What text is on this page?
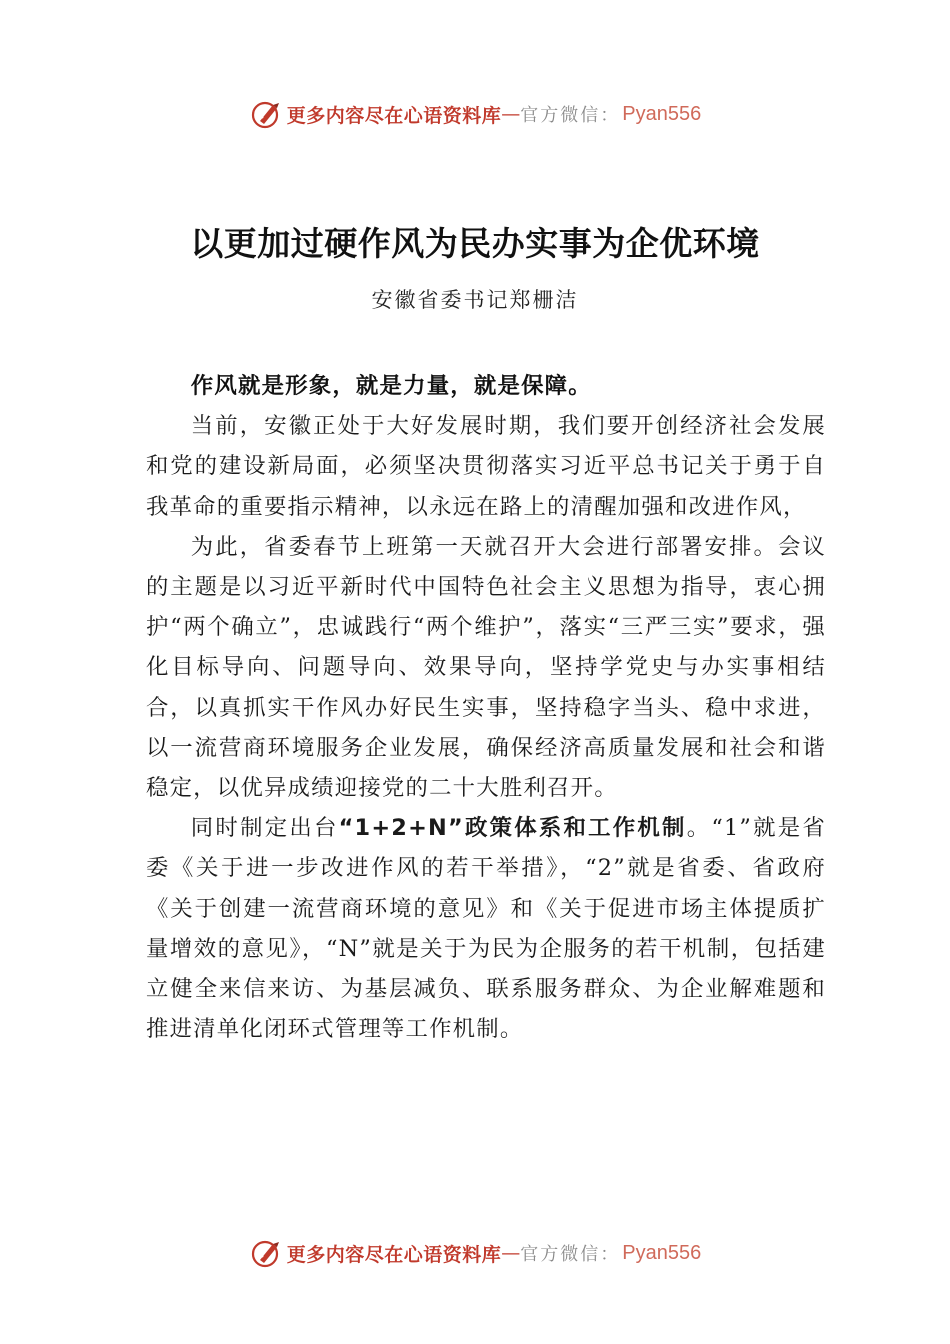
更多内容尽在心语资料库 — 官方微信： Pyan556
以更加过硬作风为民办实事为企优环境
安徽省委书记郑栅洁

作风就是形象，就是力量，就是保障。

当前，安徽正处于大好发展时期，我们要开创经济社会发展和党的建设新局面，必须坚决贯彻落实习近平总书记关于勇于自我革命的重要指示精神，以永远在路上的清醒加强和改进作风，

为此，省委春节上班第一天就召开大会进行部署安排。会议的主题是以习近平新时代中国特色社会主义思想为指导，衷心拥护“两个确立”，忠诚践行“两个维护”，落实“三严三实”要求，强化目标导向、问题导向、效果导向，坚持学党史与办实事相结合，以真抓实干作风办好民生实事，坚持稳字当头、稳中求进，以一流营商环境服务企业发展，确保经济高质量发展和社会和谐稳定，以优异成绩迎接党的二十大胜利召开。

同时制定出台“1+2+N”政策体系和工作机制。“1”就是省委《关于进一步改进作风的若干举措》，“2”就是省委、省政府《关于创建一流营商环境的意见》和《关于促进市场主体提质扩量增效的意见》，“N”就是关于为民为企服务的若干机制，包括建立健全来信来访、为基层减负、联系服务群众、为企业解难题和推进清单化闭环式管理等工作机制。

更多内容尽在心语资料库 — 官方微信： Pyan556
